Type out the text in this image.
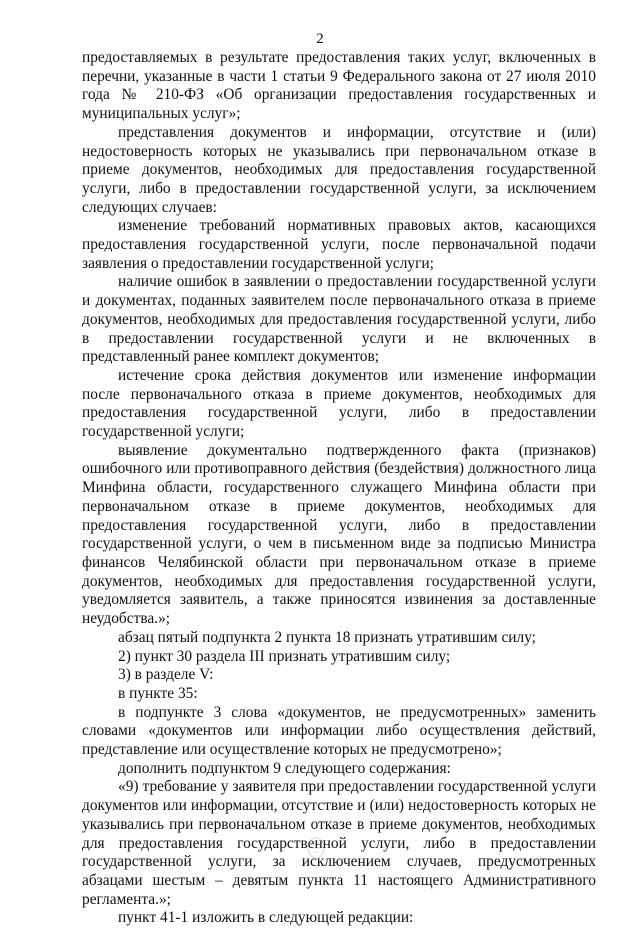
2

предоставляемых в результате предоставления таких услуг, включенных в перечни, указанные в части 1 статьи 9 Федерального закона от 27 июля 2010 года № 210-ФЗ «Об организации предоставления государственных и муниципальных услуг»;

представления документов и информации, отсутствие и (или) недостоверность которых не указывались при первоначальном отказе в приеме документов, необходимых для предоставления государственной услуги, либо в предоставлении государственной услуги, за исключением следующих случаев:

изменение требований нормативных правовых актов, касающихся предоставления государственной услуги, после первоначальной подачи заявления о предоставлении государственной услуги;

наличие ошибок в заявлении о предоставлении государственной услуги и документах, поданных заявителем после первоначального отказа в приеме документов, необходимых для предоставления государственной услуги, либо в предоставлении государственной услуги и не включенных в представленный ранее комплект документов;

истечение срока действия документов или изменение информации после первоначального отказа в приеме документов, необходимых для предоставления государственной услуги, либо в предоставлении государственной услуги;

выявление документально подтвержденного факта (признаков) ошибочного или противоправного действия (бездействия) должностного лица Минфина области, государственного служащего Минфина области при первоначальном отказе в приеме документов, необходимых для предоставления государственной услуги, либо в предоставлении государственной услуги, о чем в письменном виде за подписью Министра финансов Челябинской области при первоначальном отказе в приеме документов, необходимых для предоставления государственной услуги, уведомляется заявитель, а также приносятся извинения за доставленные неудобства.»;

абзац пятый подпункта 2 пункта 18 признать утратившим силу;

2) пункт 30 раздела III признать утратившим силу;

3) в разделе V:

в пункте 35:

в подпункте 3 слова «документов, не предусмотренных» заменить словами «документов или информации либо осуществления действий, представление или осуществление которых не предусмотрено»;

дополнить подпунктом 9 следующего содержания:

«9) требование у заявителя при предоставлении государственной услуги документов или информации, отсутствие и (или) недостоверность которых не указывались при первоначальном отказе в приеме документов, необходимых для предоставления государственной услуги, либо в предоставлении государственной услуги, за исключением случаев, предусмотренных абзацами шестым – девятым пункта 11 настоящего Административного регламента.»;

пункт 41-1 изложить в следующей редакции:
